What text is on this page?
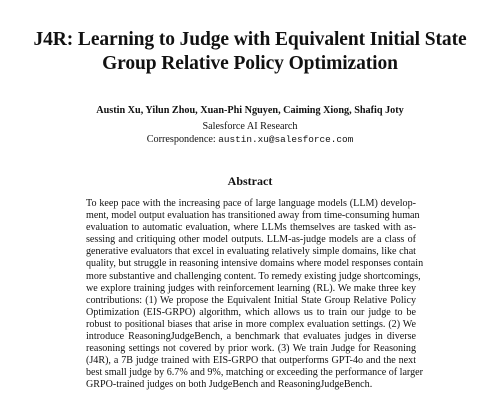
J4R: Learning to Judge with Equivalent Initial State
Group Relative Policy Optimization
Austin Xu, Yilun Zhou, Xuan-Phi Nguyen, Caiming Xiong, Shafiq Joty
Salesforce AI Research
Correspondence: austin.xu@salesforce.com
Abstract
To keep pace with the increasing pace of large language models (LLM) develop-
ment, model output evaluation has transitioned away from time-consuming human
evaluation to automatic evaluation, where LLMs themselves are tasked with as-
sessing and critiquing other model outputs. LLM-as-judge models are a class of
generative evaluators that excel in evaluating relatively simple domains, like chat
quality, but struggle in reasoning intensive domains where model responses contain
more substantive and challenging content. To remedy existing judge shortcomings,
we explore training judges with reinforcement learning (RL). We make three key
contributions: (1) We propose the Equivalent Initial State Group Relative Policy
Optimization (EIS-GRPO) algorithm, which allows us to train our judge to be
robust to positional biases that arise in more complex evaluation settings. (2) We
introduce ReasoningJudgeBench, a benchmark that evaluates judges in diverse
reasoning settings not covered by prior work. (3) We train Judge for Reasoning
(J4R), a 7B judge trained with EIS-GRPO that outperforms GPT-4o and the next
best small judge by 6.7% and 9%, matching or exceeding the performance of larger
GRPO-trained judges on both JudgeBench and ReasoningJudgeBench.
